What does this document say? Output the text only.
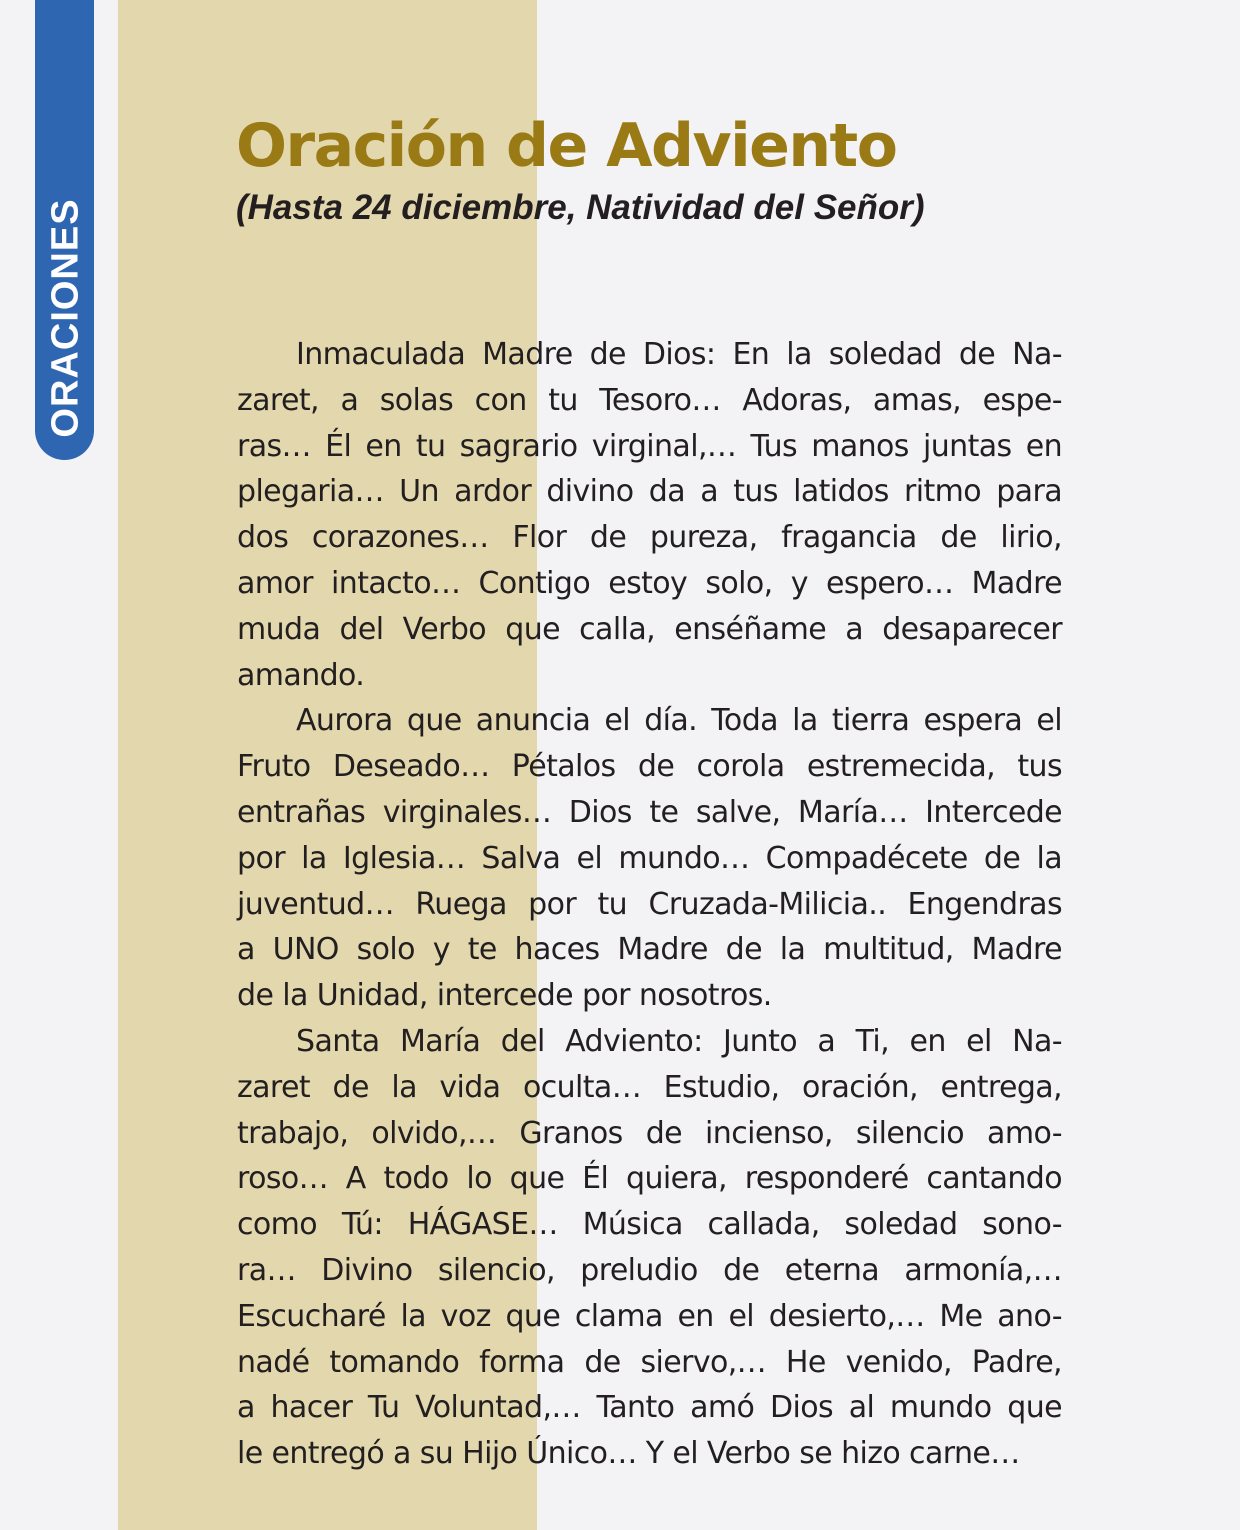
ORACIONES
Oración de Adviento
(Hasta 24 diciembre, Natividad del Señor)
Inmaculada Madre de Dios: En la soledad de Na-
zaret, a solas con tu Tesoro… Adoras, amas, espe-
ras… Él en tu sagrario virginal,… Tus manos juntas en
plegaria… Un ardor divino da a tus latidos ritmo para
dos corazones… Flor de pureza, fragancia de lirio,
amor intacto… Contigo estoy solo, y espero… Madre
muda del Verbo que calla, enséñame a desaparecer
amando.
Aurora que anuncia el día. Toda la tierra espera el
Fruto Deseado… Pétalos de corola estremecida, tus
entrañas virginales… Dios te salve, María… Intercede
por la Iglesia… Salva el mundo… Compadécete de la
juventud… Ruega por tu Cruzada-Milicia.. Engendras
a UNO solo y te haces Madre de la multitud, Madre
de la Unidad, intercede por nosotros.
Santa María del Adviento: Junto a Ti, en el Na-
zaret de la vida oculta… Estudio, oración, entrega,
trabajo, olvido,… Granos de incienso, silencio amo-
roso… A todo lo que Él quiera, responderé cantando
como Tú: HÁGASE… Música callada, soledad sono-
ra… Divino silencio, preludio de eterna armonía,…
Escucharé la voz que clama en el desierto,… Me ano-
nadé tomando forma de siervo,… He venido, Padre,
a hacer Tu Voluntad,… Tanto amó Dios al mundo que
le entregó a su Hijo Único… Y el Verbo se hizo carne…
